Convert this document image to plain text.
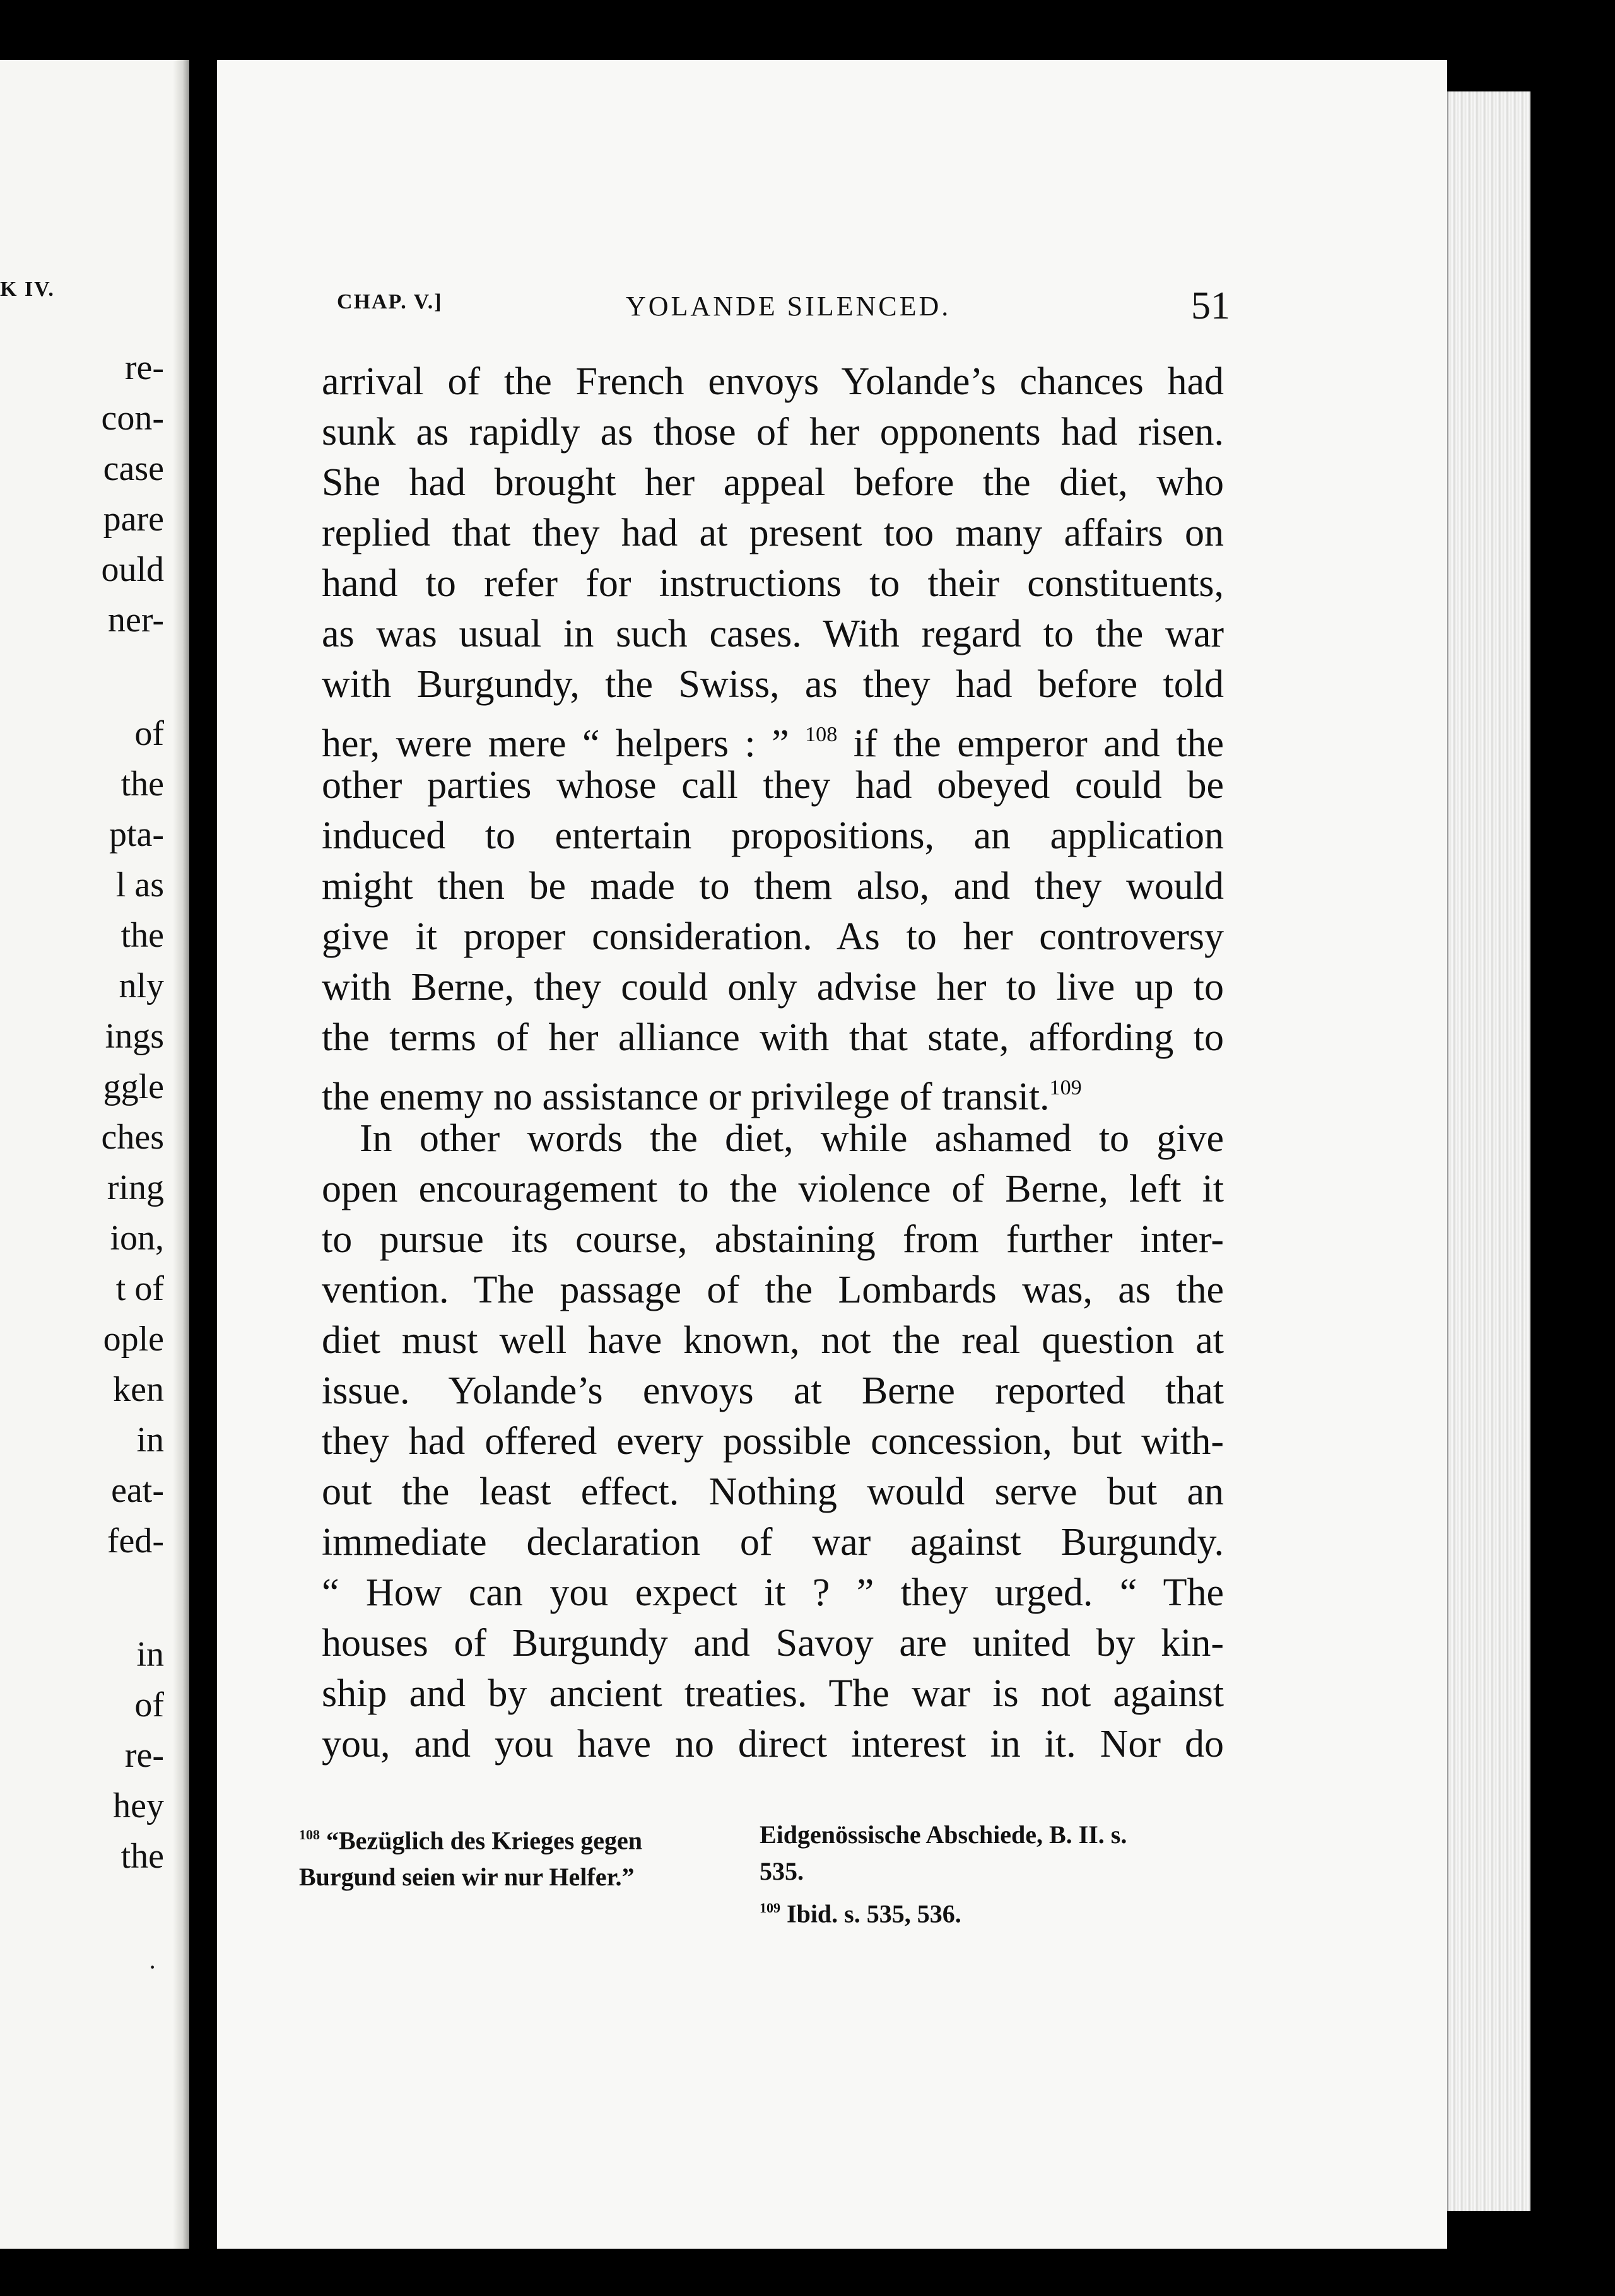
K IV.
re-
con-
case
pare
ould
ner-
of
the
pta-
l as
the
nly
ings
ggle
ches
ring
ion,
t of
ople
ken
in
eat-
fed-
in
of
re-
hey
the
·
CHAP. V.]	YOLANDE SILENCED.	51
arrival of the French envoys Yolande’s chances had
sunk as rapidly as those of her opponents had risen.
She had brought her appeal before the diet, who
replied that they had at present too many affairs on
hand to refer for instructions to their constituents,
as was usual in such cases. With regard to the war
with Burgundy, the Swiss, as they had before told
her, were mere “ helpers : ” $^{108}$ if the emperor and the
other parties whose call they had obeyed could be
induced to entertain propositions, an application
might then be made to them also, and they would
give it proper consideration. As to her controversy
with Berne, they could only advise her to live up to
the terms of her alliance with that state, affording to
the enemy no assistance or privilege of transit.$^{109}$
In other words the diet, while ashamed to give
open encouragement to the violence of Berne, left it
to pursue its course, abstaining from further inter-
vention. The passage of the Lombards was, as the
diet must well have known, not the real question at
issue. Yolande’s envoys at Berne reported that
they had offered every possible concession, but with-
out the least effect. Nothing would serve but an
immediate declaration of war against Burgundy.
“ How can you expect it ? ” they urged. “ The
houses of Burgundy and Savoy are united by kin-
ship and by ancient treaties. The war is not against
you, and you have no direct interest in it. Nor do
$^{108}$ “Bezüglich des Krieges gegen
Burgund seien wir nur Helfer.”
Eidgenössische Abschiede, B. II. s.
535.
$^{109}$ Ibid. s. 535, 536.
